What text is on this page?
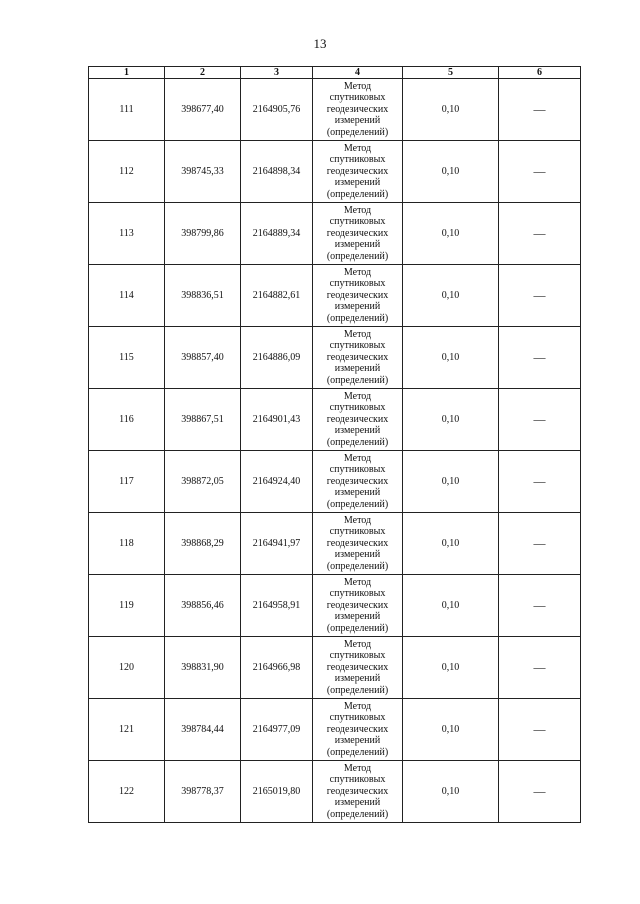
13
1	2	3	4	5	6
111	398677,40	2164905,76	Метод
спутниковых
геодезических
измерений
(определений)	0,10	—
112	398745,33	2164898,34	Метод
спутниковых
геодезических
измерений
(определений)	0,10	—
113	398799,86	2164889,34	Метод
спутниковых
геодезических
измерений
(определений)	0,10	—
114	398836,51	2164882,61	Метод
спутниковых
геодезических
измерений
(определений)	0,10	—
115	398857,40	2164886,09	Метод
спутниковых
геодезических
измерений
(определений)	0,10	—
116	398867,51	2164901,43	Метод
спутниковых
геодезических
измерений
(определений)	0,10	—
117	398872,05	2164924,40	Метод
спутниковых
геодезических
измерений
(определений)	0,10	—
118	398868,29	2164941,97	Метод
спутниковых
геодезических
измерений
(определений)	0,10	—
119	398856,46	2164958,91	Метод
спутниковых
геодезических
измерений
(определений)	0,10	—
120	398831,90	2164966,98	Метод
спутниковых
геодезических
измерений
(определений)	0,10	—
121	398784,44	2164977,09	Метод
спутниковых
геодезических
измерений
(определений)	0,10	—
122	398778,37	2165019,80	Метод
спутниковых
геодезических
измерений
(определений)	0,10	—
